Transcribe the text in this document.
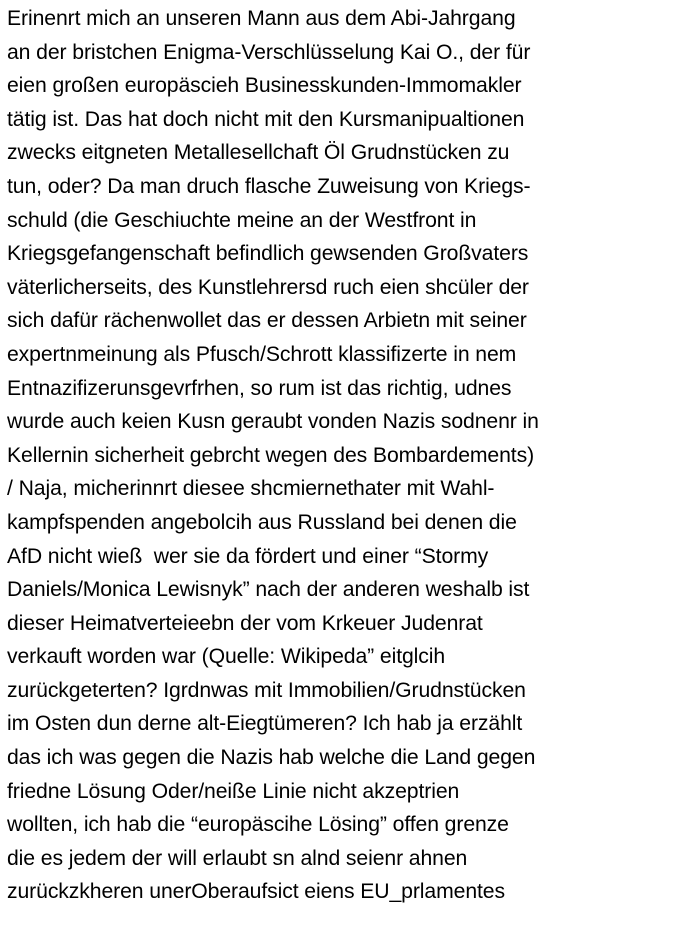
Erinenrt mich an unseren Mann aus dem Abi-Jahrgang
an der bristchen Enigma-Verschlüsselung Kai O., der für
eien großen europäscieh Businesskunden-Immomakler
tätig ist. Das hat doch nicht mit den Kursmanipualtionen
zwecks eitgneten Metallesellchaft Öl Grudnstücken zu
tun, oder? Da man druch flasche Zuweisung von Kriegs-
schuld (die Geschiuchte meine an der Westfront in
Kriegsgefangenschaft befindlich gewsenden Großvaters
väterlicherseits, des Kunstlehrersd ruch eien shcüler der
sich dafür rächenwollet das er dessen Arbietn mit seiner
expertnmeinung als Pfusch/Schrott klassifizerte in nem
Entnazifizerunsgevrfrhen, so rum ist das richtig, udnes
wurde auch keien Kusn geraubt vonden Nazis sodnenr in
Kellernin sicherheit gebrcht wegen des Bombardements)
/ Naja, micherinnrt diesee shcmiernethater mit Wahl-
kampfspenden angebolcih aus Russland bei denen die
AfD nicht wieß  wer sie da fördert und einer “Stormy
Daniels/Monica Lewisnyk” nach der anderen weshalb ist
dieser Heimatverteieebn der vom Krkeuer Judenrat
verkauft worden war (Quelle: Wikipeda” eitglcih
zurückgeterten? Igrdnwas mit Immobilien/Grudnstücken
im Osten dun derne alt-Eiegtümeren? Ich hab ja erzählt
das ich was gegen die Nazis hab welche die Land gegen
friedne Lösung Oder/neiße Linie nicht akzeptrien
wollten, ich hab die “europäscihe Lösing” offen grenze
die es jedem der will erlaubt sn alnd seienr ahnen
zurückzkheren unerOberaufsict eiens EU_prlamentes
